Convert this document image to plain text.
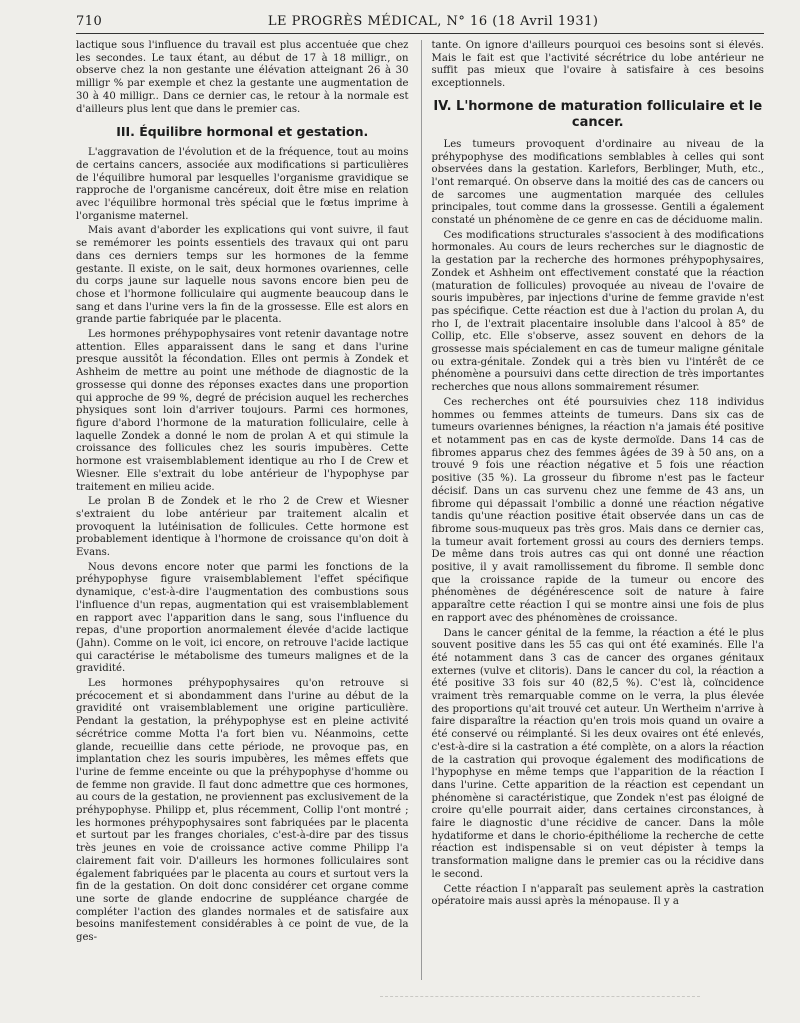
710	LE PROGRÈS MÉDICAL, N° 16 (18 Avril 1931)

lactique sous l'influence du travail est plus accentuée que chez les secondes. Le taux étant, au début de 17 à 18 milligr., on observe chez la non gestante une élévation atteignant 26 à 30 milligr % par exemple et chez la gestante une augmentation de 30 à 40 milligr.. Dans ce dernier cas, le retour à la normale est d'ailleurs plus lent que dans le premier cas.

III. Équilibre hormonal et gestation.

L'aggravation de l'évolution et de la fréquence, tout au moins de certains cancers, associée aux modifications si particulières de l'équilibre humoral par lesquelles l'organisme gravidique se rapproche de l'organisme cancéreux, doit être mise en relation avec l'équilibre hormonal très spécial que le fœtus imprime à l'organisme maternel.

Mais avant d'aborder les explications qui vont suivre, il faut se remémorer les points essentiels des travaux qui ont paru dans ces derniers temps sur les hormones de la femme gestante. Il existe, on le sait, deux hormones ovariennes, celle du corps jaune sur laquelle nous savons encore bien peu de chose et l'hormone folliculaire qui augmente beaucoup dans le sang et dans l'urine vers la fin de la grossesse. Elle est alors en grande partie fabriquée par le placenta.

Les hormones préhypophysaires vont retenir davantage notre attention. Elles apparaissent dans le sang et dans l'urine presque aussitôt la fécondation. Elles ont permis à Zondek et Ashheim de mettre au point une méthode de diagnostic de la grossesse qui donne des réponses exactes dans une proportion qui approche de 99 %, degré de précision auquel les recherches physiques sont loin d'arriver toujours. Parmi ces hormones, figure d'abord l'hormone de la maturation folliculaire, celle à laquelle Zondek a donné le nom de prolan A et qui stimule la croissance des follicules chez les souris impubères. Cette hormone est vraisemblablement identique au rho I de Crew et Wiesner. Elle s'extrait du lobe antérieur de l'hypophyse par traitement en milieu acide.

Le prolan B de Zondek et le rho 2 de Crew et Wiesner s'extraient du lobe antérieur par traitement alcalin et provoquent la lutéinisation de follicules. Cette hormone est probablement identique à l'hormone de croissance qu'on doit à Evans.

Nous devons encore noter que parmi les fonctions de la préhypophyse figure vraisemblablement l'effet spécifique dynamique, c'est-à-dire l'augmentation des combustions sous l'influence d'un repas, augmentation qui est vraisemblablement en rapport avec l'apparition dans le sang, sous l'influence du repas, d'une proportion anormalement élevée d'acide lactique (Jahn). Comme on le voit, ici encore, on retrouve l'acide lactique qui caractérise le métabolisme des tumeurs malignes et de la gravidité.

Les hormones préhypophysaires qu'on retrouve si précocement et si abondamment dans l'urine au début de la gravidité ont vraisemblablement une origine particulière. Pendant la gestation, la préhypophyse est en pleine activité sécrétrice comme Motta l'a fort bien vu. Néanmoins, cette glande, recueillie dans cette période, ne provoque pas, en implantation chez les souris impubères, les mêmes effets que l'urine de femme enceinte ou que la préhypophyse d'homme ou de femme non gravide. Il faut donc admettre que ces hormones, au cours de la gestation, ne proviennent pas exclusivement de la préhypophyse. Philipp et, plus récemment, Collip l'ont montré ; les hormones préhypophysaires sont fabriquées par le placenta et surtout par les franges choriales, c'est-à-dire par des tissus très jeunes en voie de croissance active comme Philipp l'a clairement fait voir. D'ailleurs les hormones folliculaires sont également fabriquées par le placenta au cours et surtout vers la fin de la gestation. On doit donc considérer cet organe comme une sorte de glande endocrine de suppléance chargée de compléter l'action des glandes normales et de satisfaire aux besoins manifestement considérables à ce point de vue, de la ges-

tante. On ignore d'ailleurs pourquoi ces besoins sont si élevés. Mais le fait est que l'activité sécrétrice du lobe antérieur ne suffit pas mieux que l'ovaire à satisfaire à ces besoins exceptionnels.

IV. L'hormone de maturation folliculaire et le cancer.

Les tumeurs provoquent d'ordinaire au niveau de la préhypophyse des modifications semblables à celles qui sont observées dans la gestation. Karlefors, Berblinger, Muth, etc., l'ont remarqué. On observe dans la moitié des cas de cancers ou de sarcomes une augmentation marquée des cellules principales, tout comme dans la grossesse. Gentili a également constaté un phénomène de ce genre en cas de déciduome malin.

Ces modifications structurales s'associent à des modifications hormonales. Au cours de leurs recherches sur le diagnostic de la gestation par la recherche des hormones préhypophysaires, Zondek et Ashheim ont effectivement constaté que la réaction (maturation de follicules) provoquée au niveau de l'ovaire de souris impubères, par injections d'urine de femme gravide n'est pas spécifique. Cette réaction est due à l'action du prolan A, du rho I, de l'extrait placentaire insoluble dans l'alcool à 85° de Collip, etc. Elle s'observe, assez souvent en dehors de la grossesse mais spécialement en cas de tumeur maligne génitale ou extra-génitale. Zondek qui a très bien vu l'intérêt de ce phénomène a poursuivi dans cette direction de très importantes recherches que nous allons sommairement résumer.

Ces recherches ont été poursuivies chez 118 individus hommes ou femmes atteints de tumeurs. Dans six cas de tumeurs ovariennes bénignes, la réaction n'a jamais été positive et notamment pas en cas de kyste dermoïde. Dans 14 cas de fibromes apparus chez des femmes âgées de 39 à 50 ans, on a trouvé 9 fois une réaction négative et 5 fois une réaction positive (35 %). La grosseur du fibrome n'est pas le facteur décisif. Dans un cas survenu chez une femme de 43 ans, un fibrome qui dépassait l'ombilic a donné une réaction négative tandis qu'une réaction positive était observée dans un cas de fibrome sous-muqueux pas très gros. Mais dans ce dernier cas, la tumeur avait fortement grossi au cours des derniers temps. De même dans trois autres cas qui ont donné une réaction positive, il y avait ramollissement du fibrome. Il semble donc que la croissance rapide de la tumeur ou encore des phénomènes de dégénérescence soit de nature à faire apparaître cette réaction I qui se montre ainsi une fois de plus en rapport avec des phénomènes de croissance.

Dans le cancer génital de la femme, la réaction a été le plus souvent positive dans les 55 cas qui ont été examinés. Elle l'a été notamment dans 3 cas de cancer des organes génitaux externes (vulve et clitoris). Dans le cancer du col, la réaction a été positive 33 fois sur 40 (82,5 %). C'est là, coïncidence vraiment très remarquable comme on le verra, la plus élevée des proportions qu'ait trouvé cet auteur. Un Wertheim n'arrive à faire disparaître la réaction qu'en trois mois quand un ovaire a été conservé ou réimplanté. Si les deux ovaires ont été enlevés, c'est-à-dire si la castration a été complète, on a alors la réaction de la castration qui provoque également des modifications de l'hypophyse en même temps que l'apparition de la réaction I dans l'urine. Cette apparition de la réaction est cependant un phénomène si caractéristique, que Zondek n'est pas éloigné de croire qu'elle pourrait aider, dans certaines circonstances, à faire le diagnostic d'une récidive de cancer. Dans la môle hydatiforme et dans le chorio-épithéliome la recherche de cette réaction est indispensable si on veut dépister à temps la transformation maligne dans le premier cas ou la récidive dans le second.

Cette réaction I n'apparaît pas seulement après la castration opératoire mais aussi après la ménopause. Il y a
